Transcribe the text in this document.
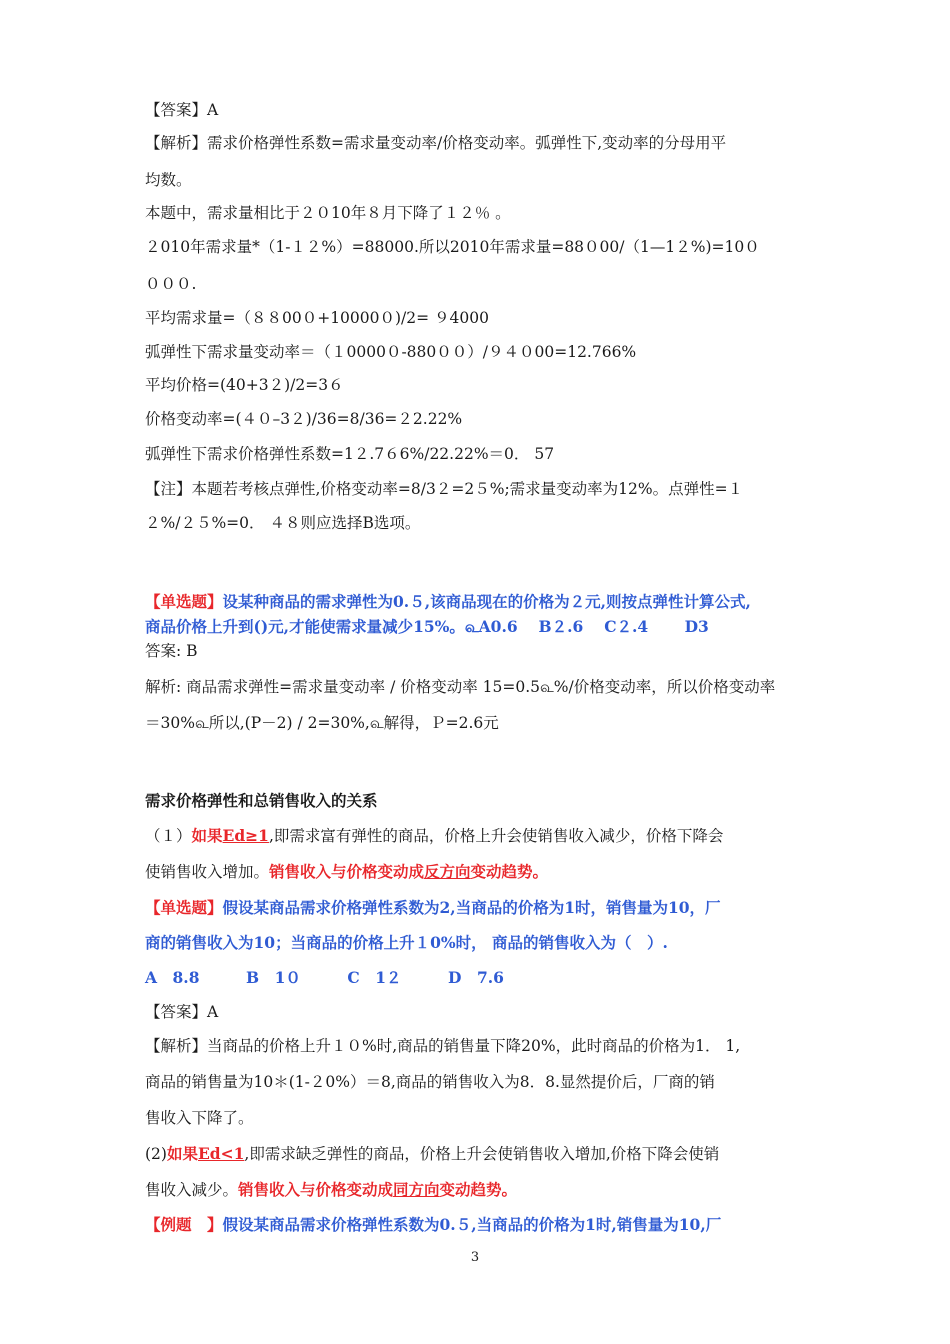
【答案】A
【解析】需求价格弹性系数=需求量变动率/价格变动率。弧弹性下,变动率的分母用平
均数。
本题中，需求量相比于２０10年８月下降了１２％ 。
２010年需求量*（1-１２%）=88000.所以2010年需求量=88０00/（1—1２%)=10０
０００.
平均需求量=（８８00０+10000０)/2= ９4000
弧弹性下需求量变动率＝（１0000０-880００）/９４０00=12.766%
平均价格=(40+3２)/2=3６
价格变动率=(４０–3２)/36=8/36=２2.22%
弧弹性下需求价格弹性系数=1２.7６6%/22.22%＝0． 57
【注】本题若考核点弹性,价格变动率=8/3２=2５%;需求量变动率为12%。点弹性=１
２%/２５%=0． ４８则应选择B选项。
【单选题】设某种商品的需求弹性为0.５,该商品现在的价格为２元,则按点弹性计算公式,
商品价格上升到()元,才能使需求量减少15%。௳A0.6　 B２.6　 C２.4　　 D3
答案: B
解析: 商品需求弹性=需求量变动率 / 价格变动率 15=0.5௳%/价格变动率，所以价格变动率
＝30%௳所以,(P－2) / 2=30%,௳解得，Ｐ=2.6元
需求价格弹性和总销售收入的关系
（１）如果Ed≥1,即需求富有弹性的商品，价格上升会使销售收入减少，价格下降会
使销售收入增加。销售收入与价格变动成反方向变动趋势。
【单选题】假设某商品需求价格弹性系数为2,当商品的价格为1时，销售量为10，厂
商的销售收入为10；当商品的价格上升１0%时， 商品的销售收入为（　）.
A　8.8　　　B　1０　　　C　1２　　　D　7.6
【答案】A
【解析】当商品的价格上升１０%时,商品的销售量下降20%，此时商品的价格为1． 1,
商品的销售量为10＊(1-２0%）＝8,商品的销售收入为8．8.显然提价后，厂商的销
售收入下降了。
(2)如果Ed<1,即需求缺乏弹性的商品，价格上升会使销售收入增加,价格下降会使销
售收入减少。销售收入与价格变动成同方向变动趋势。
【例题　】假设某商品需求价格弹性系数为0.５,当商品的价格为1时,销售量为10,厂
3
